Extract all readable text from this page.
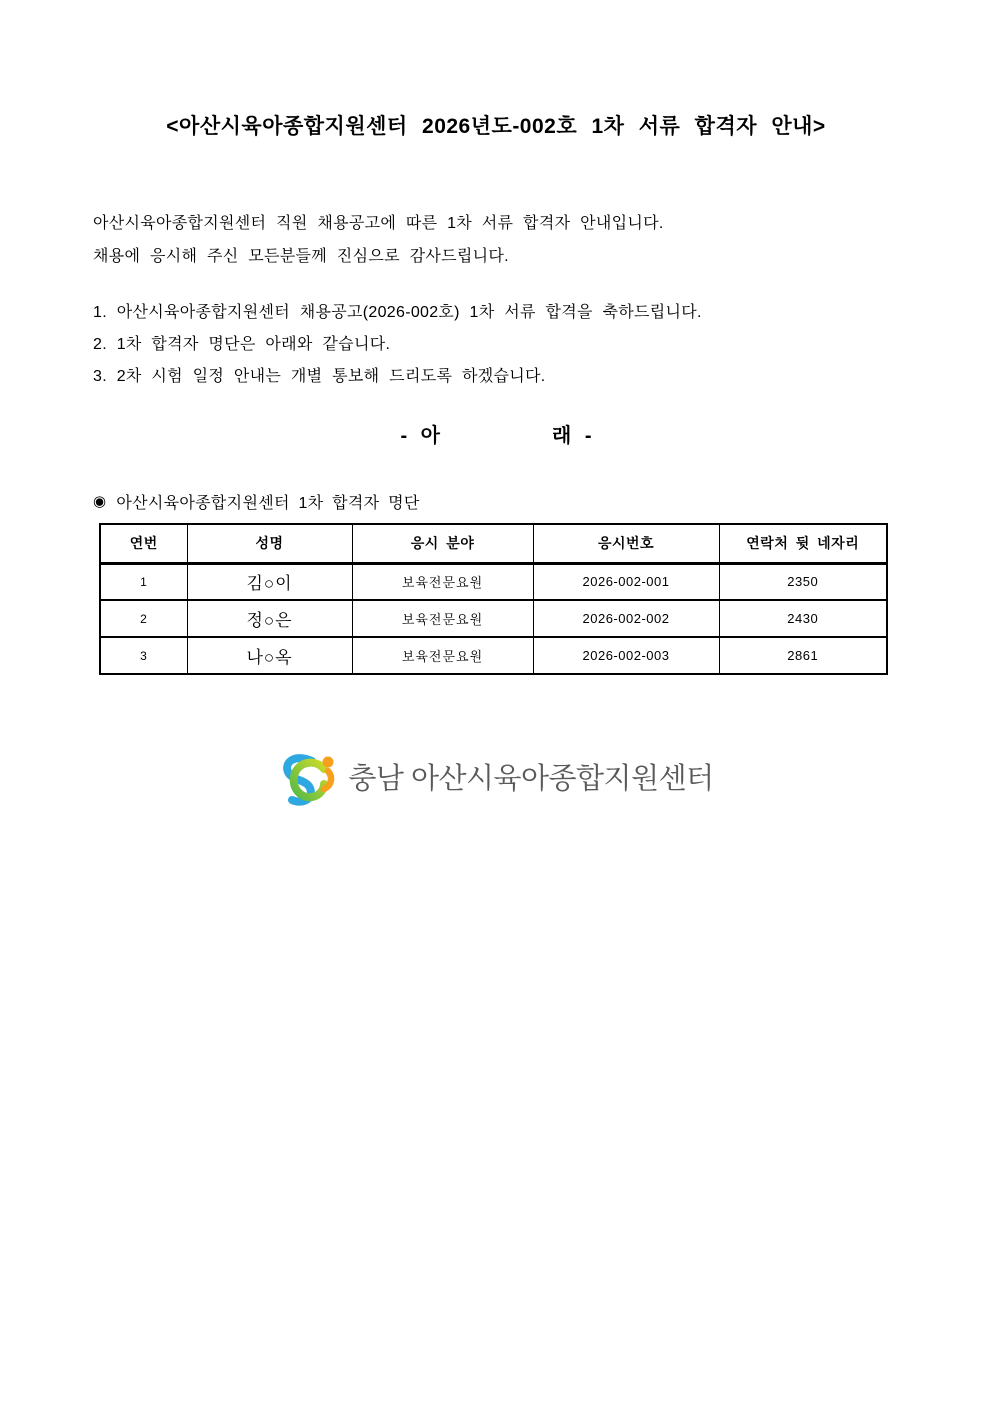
<아산시육아종합지원센터 2026년도-002호 1차 서류 합격자 안내>

아산시육아종합지원센터 직원 채용공고에 따른 1차 서류 합격자 안내입니다.

채용에 응시해 주신 모든분들께 진심으로 감사드립니다.

1. 아산시육아종합지원센터 채용공고(2026-002호) 1차 서류 합격을 축하드립니다.

2. 1차 합격자 명단은 아래와 같습니다.

3. 2차 시험 일정 안내는 개별 통보해 드리도록 하겠습니다.

- 아	래 -
◉ 아산시육아종합지원센터 1차 합격자 명단
연번	성명	응시 분야	응시번호	연락처 뒷 네자리
1	김○이	보육전문요원	2026-002-001	2350
2	정○은	보육전문요원	2026-002-002	2430
3	나○옥	보육전문요원	2026-002-003	2861
충남 아산시육아종합지원센터
